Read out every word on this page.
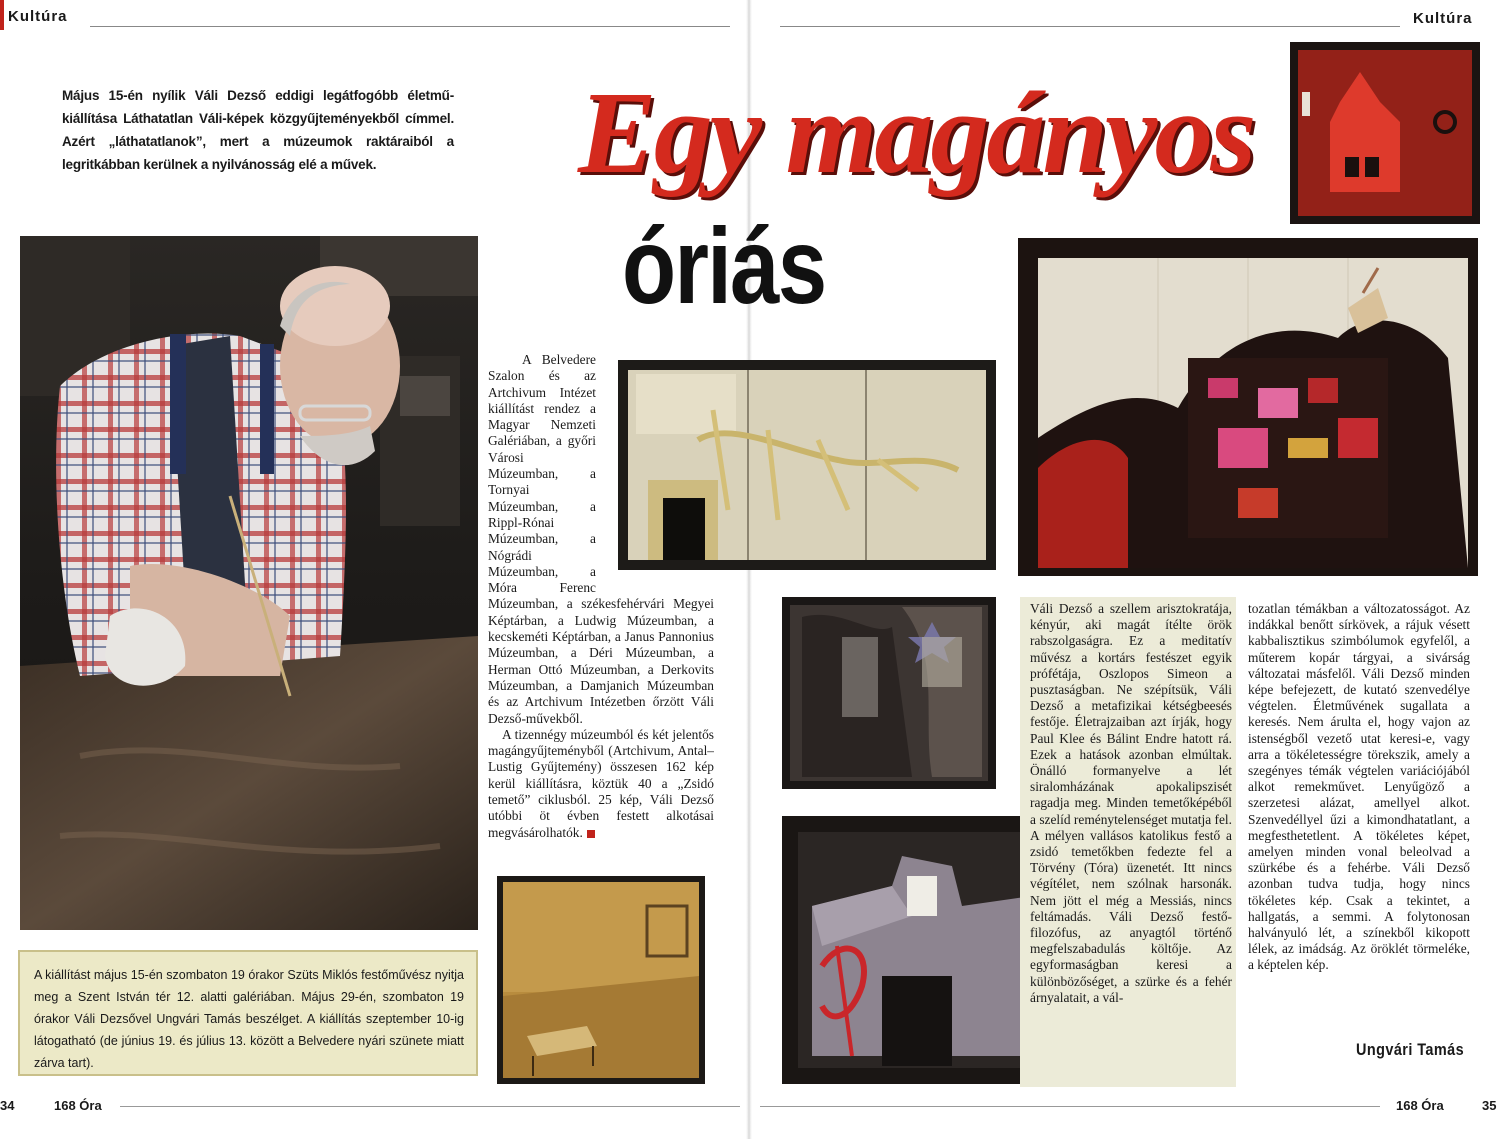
Kultúra	Kultúra
Május 15-én nyílik Váli Dezső eddigi legátfogóbb életmű-kiállítása Láthatatlan Váli-képek közgyűjteményekből címmel. Azért „láthatatlanok”, mert a múzeumok raktáraiból a legritkábban kerülnek a nyilvánosság elé a művek.	Egy magányos
óriás
A kiállítást május 15-én szombaton 19 órakor Szüts Miklós festőművész nyitja meg a Szent István tér 12. alatti galériában. Május 29-én, szombaton 19 órakor Váli Dezsővel Ungvári Tamás beszélget. A kiállítás szeptember 10-ig látogatható (de június 19. és július 13. között a Belvedere nyári szünete miatt zárva tart).
34	168 Óra	168 Óra	35

A Belvedere Szalon és az Artchivum Intézet kiállítást rendez a Magyar Nemzeti Galériában, a győri Városi Múzeumban, a Tornyai Múzeumban, a Rippl-Rónai Múzeumban, a Nógrádi Múzeumban, a Móra Ferenc Múzeumban, a székesfehérvári Megyei Képtárban, a Ludwig Múzeumban, a kecskeméti Képtárban, a Janus Pannonius Múzeumban, a Déri Múzeumban, a Herman Ottó Múzeumban, a Derkovits Múzeumban, a Damjanich Múzeumban és az Artchivum Intézetben őrzött Váli Dezső-művekből.

A tizennégy múzeumból és két jelentős magángyűjteményből (Artchivum, Antal–Lustig Gyűjtemény) összesen 162 kép kerül kiállításra, köztük 40 a „Zsidó temető” ciklusból. 25 kép, Váli Dezső utóbbi öt évben festett alkotásai megvásárolhatók.

Váli Dezső a szellem arisztokratája, kényúr, aki magát ítélte örök rabszolgaságra. Ez a meditatív művész a kortárs festészet egyik prófétája, Oszlopos Simeon a pusztaságban. Ne szépítsük, Váli Dezső a metafizikai kétségbeesés festője. Életrajzaiban azt írják, hogy Paul Klee és Bálint Endre hatott rá. Ezek a hatások azonban elmúltak. Önálló formanyelve a lét siralomházának apokalipszisét ragadja meg. Minden temetőképéből a szelíd reménytelenséget mutatja fel. A mélyen vallásos katolikus festő a zsidó temetőkben fedezte fel a Törvény (Tóra) üzenetét. Itt nincs végítélet, nem szólnak harsonák. Nem jött el még a Messiás, nincs feltámadás. Váli Dezső festő-filozófus, az anyagtól történő megfelszabadulás költője. Az egyformaságban keresi a különbözőséget, a szürke és a fehér árnyalatait, a vál-

tozatlan témákban a változatosságot. Az indákkal benőtt sírkövek, a rájuk vésett kabbalisztikus szimbólumok egyfelől, a műterem kopár tárgyai, a sivárság változatai másfelől. Váli Dezső minden képe befejezett, de kutató szenvedélye végtelen. Életművének sugallata a keresés. Nem árulta el, hogy vajon az istenségből vezető utat keresi-e, vagy arra a tökéletességre törekszik, amely a szegényes témák végtelen variációjából alkot remekművet. Lenyűgöző a szerzetesi alázat, amellyel alkot. Szenvedéllyel űzi a kimondhatatlant, a megfesthetetlent. A tökéletes képet, amelyen minden vonal beleolvad a szürkébe és a fehérbe. Váli Dezső azonban tudva tudja, hogy nincs tökéletes kép. Csak a tekintet, a hallgatás, a semmi. A folytonosan halványuló lét, a színekből kikopott lélek, az imádság. Az öröklét törmeléke, a képtelen kép.

Ungvári Tamás
